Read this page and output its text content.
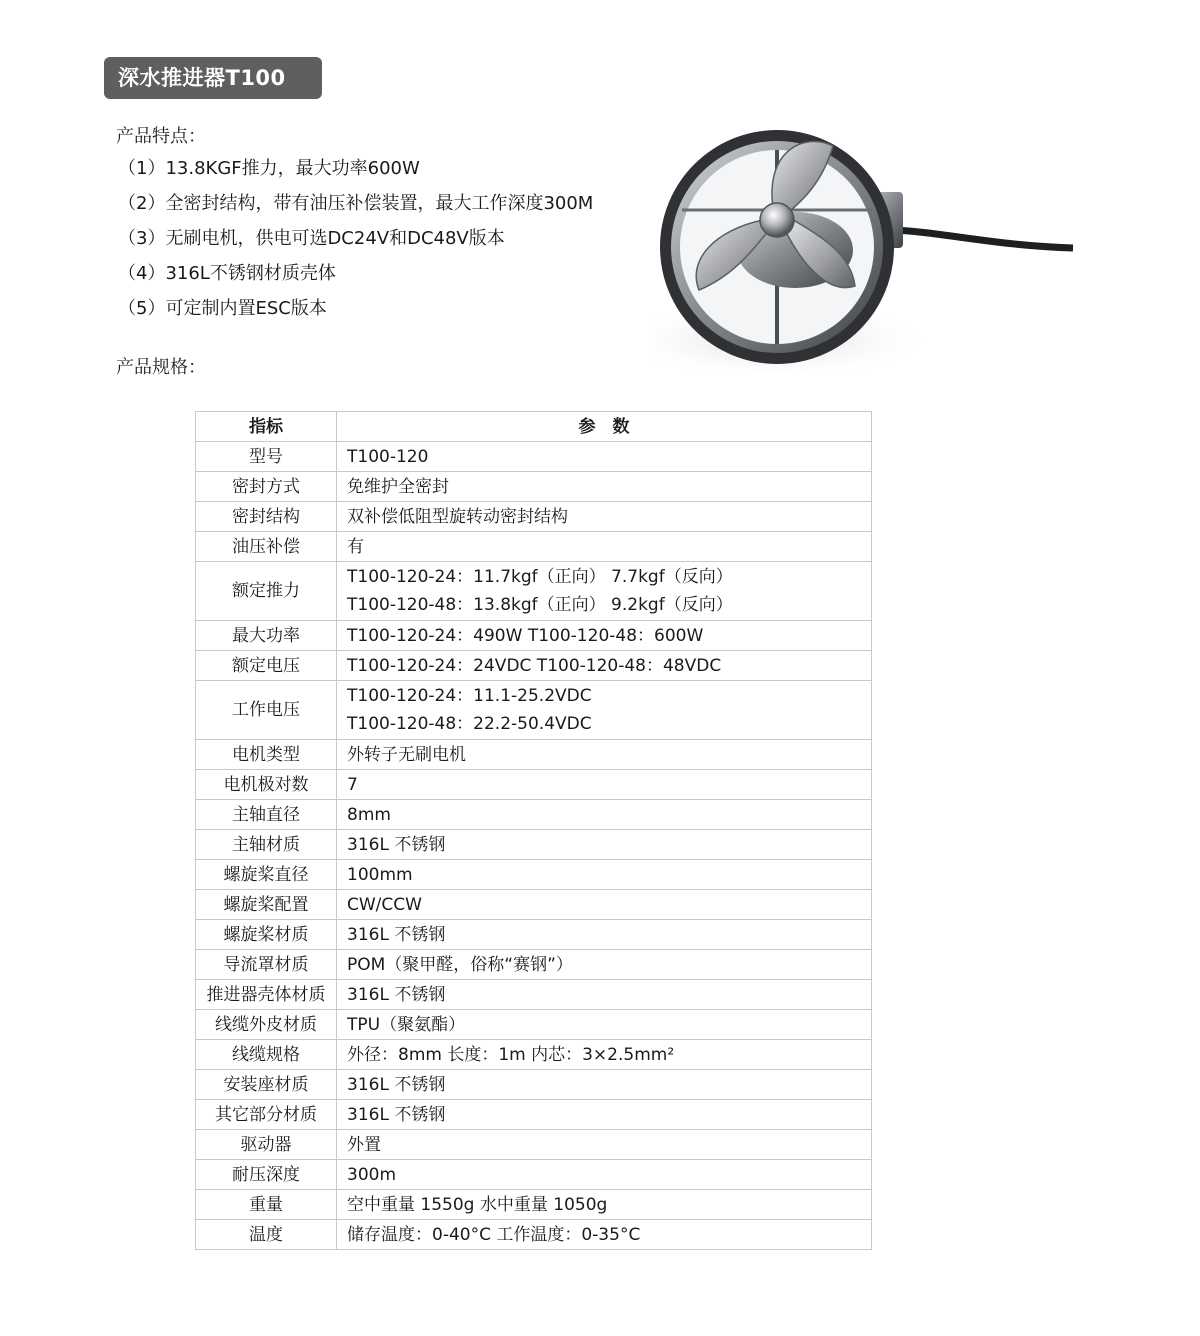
深水推进器T100
产品特点：
（1）13.8KGF推力，最大功率600W
（2）全密封结构，带有油压补偿装置，最大工作深度300M
（3）无刷电机，供电可选DC24V和DC48V版本
（4）316L不锈钢材质壳体
（5）可定制内置ESC版本
产品规格：
指标	参　数
型号	T100-120
密封方式	免维护全密封
密封结构	双补偿低阻型旋转动密封结构
油压补偿	有
额定推力	T100-120-24：11.7kgf（正向） 7.7kgf（反向）
T100-120-48：13.8kgf（正向） 9.2kgf（反向）

最大功率	T100-120-24：490W T100-120-48：600W
额定电压	T100-120-24：24VDC T100-120-48：48VDC
工作电压	T100-120-24：11.1-25.2VDC
T100-120-48：22.2-50.4VDC

电机类型	外转子无刷电机
电机极对数	7
主轴直径	8mm
主轴材质	316L 不锈钢
螺旋桨直径	100mm
螺旋桨配置	CW/CCW
螺旋桨材质	316L 不锈钢
导流罩材质	POM（聚甲醛，俗称“赛钢”）
推进器壳体材质	316L 不锈钢
线缆外皮材质	TPU（聚氨酯）
线缆规格	外径：8mm 长度：1m 内芯：3×2.5mm²
安装座材质	316L 不锈钢
其它部分材质	316L 不锈钢
驱动器	外置
耐压深度	300m
重量	空中重量 1550g 水中重量 1050g
温度	储存温度：0-40°C 工作温度：0-35°C
